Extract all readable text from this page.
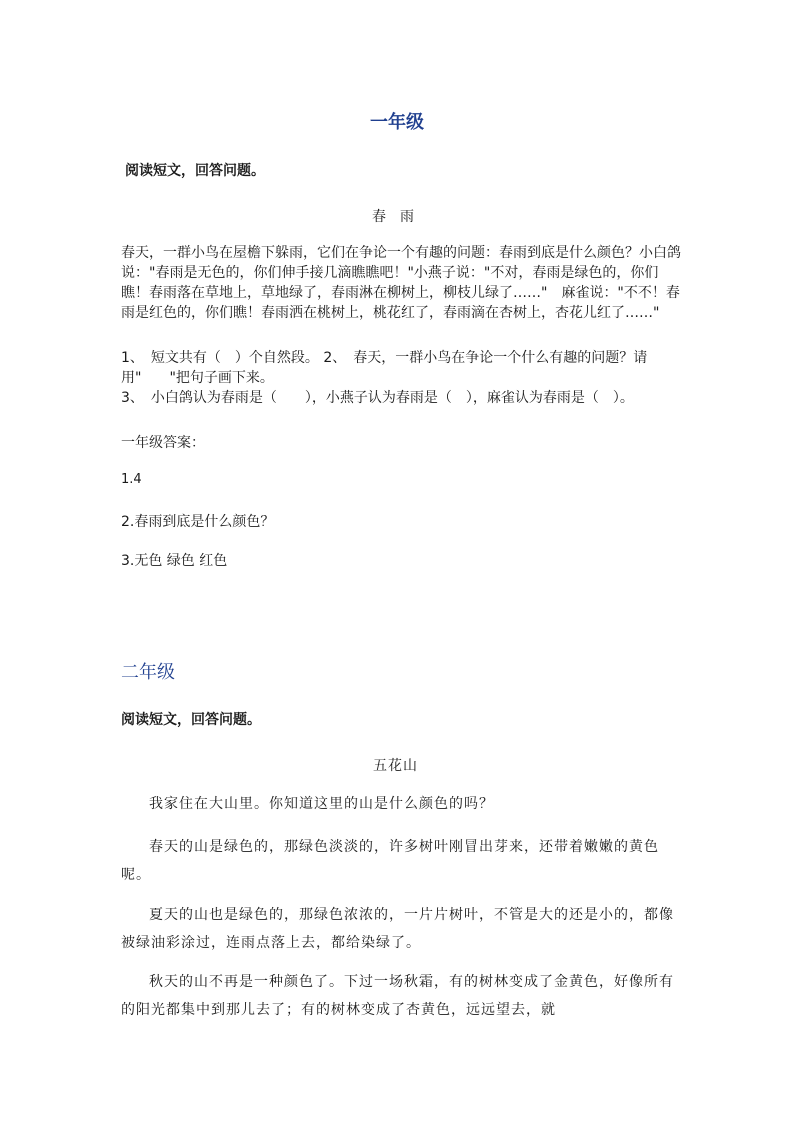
一年级
阅读短文，回答问题。
春　雨
春天，一群小鸟在屋檐下躲雨，它们在争论一个有趣的问题：春雨到底是什么颜色？小白鸽说："春雨是无色的，你们伸手接几滴瞧瞧吧！"小燕子说："不对，春雨是绿色的，你们瞧！春雨落在草地上，草地绿了，春雨淋在柳树上，柳枝儿绿了……"　麻雀说："不不！春雨是红色的，你们瞧！春雨洒在桃树上，桃花红了，春雨滴在杏树上，杏花儿红了……"
1、　短文共有（　）个自然段。 2、　春天，一群小鸟在争论一个什么有趣的问题？请用"　　"把句子画下来。
3、　小白鸽认为春雨是（　　），小燕子认为春雨是（　），麻雀认为春雨是（　）。
一年级答案：
1.4
2.春雨到底是什么颜色？
3.无色 绿色 红色
二年级
阅读短文，回答问题。
五花山
我家住在大山里。你知道这里的山是什么颜色的吗？
春天的山是绿色的，那绿色淡淡的，许多树叶刚冒出芽来，还带着嫩嫩的黄色呢。
夏天的山也是绿色的，那绿色浓浓的，一片片树叶，不管是大的还是小的，都像被绿油彩涂过，连雨点落上去，都给染绿了。
秋天的山不再是一种颜色了。下过一场秋霜，有的树林变成了金黄色，好像所有的阳光都集中到那儿去了；有的树林变成了杏黄色，远远望去，就
